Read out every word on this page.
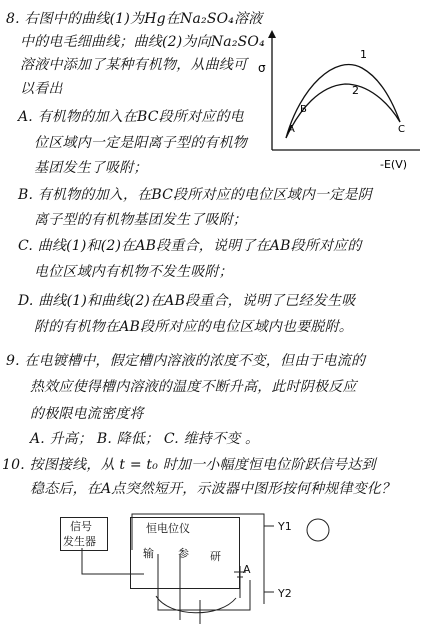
8. 右图中的曲线(1)为Hg在Na₂SO₄溶液
中的电毛细曲线；曲线(2)为向Na₂SO₄
溶液中添加了某种有机物，从曲线可
以看出
A. 有机物的加入在BC段所对应的电
位区域内一定是阳离子型的有机物
基团发生了吸附；
B. 有机物的加入，在BC段所对应的电位区域内一定是阴
离子型的有机物基团发生了吸附；
C. 曲线(1)和(2)在AB段重合，说明了在AB段所对应的
电位区域内有机物不发生吸附；
D. 曲线(1)和曲线(2)在AB段重合，说明了已经发生吸
附的有机物在AB段所对应的电位区域内也要脱附。
σ
-E(V)
1
2
A
B
C
9. 在电镀槽中，假定槽内溶液的浓度不变，但由于电流的
热效应使得槽内溶液的温度不断升高，此时阴极反应
的极限电流密度将
A. 升高； B. 降低； C. 维持不变 。
10. 按图接线，从 t = t₀ 时加一小幅度恒电位阶跃信号达到
稳态后，在A点突然短开，示波器中图形按何种规律变化？
信号
发生器
恒电位仪
输 参 研
Y1
Y2
A
